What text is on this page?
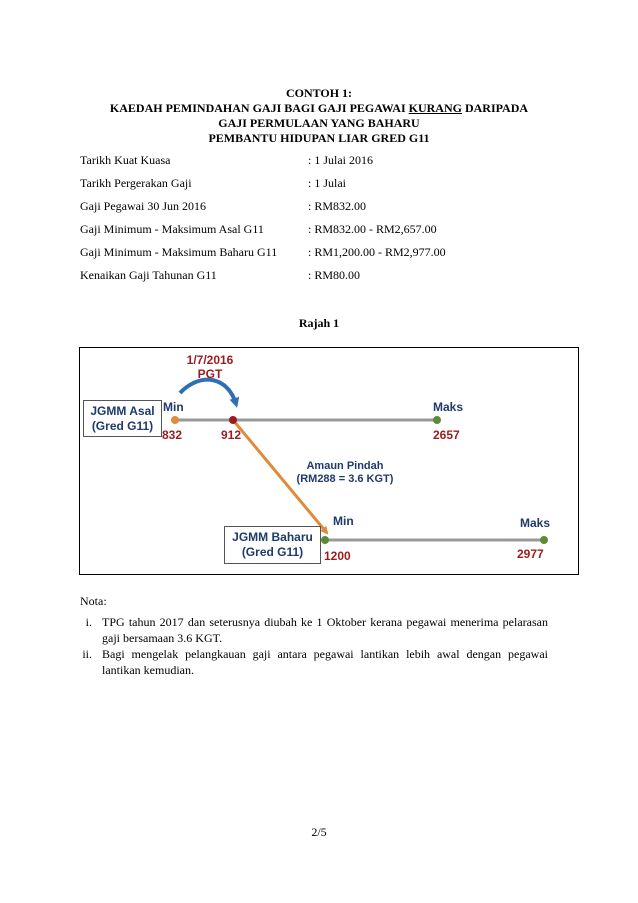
CONTOH 1:
KAEDAH PEMINDAHAN GAJI BAGI GAJI PEGAWAI KURANG DARIPADA
GAJI PERMULAAN YANG BAHARU
PEMBANTU HIDUPAN LIAR GRED G11
Tarikh Kuat Kuasa	: 1 Julai 2016
Tarikh Pergerakan Gaji	: 1 Julai
Gaji Pegawai 30 Jun 2016	: RM832.00
Gaji Minimum - Maksimum Asal G11	: RM832.00 - RM2,657.00
Gaji Minimum - Maksimum Baharu G11	: RM1,200.00 - RM2,977.00
Kenaikan Gaji Tahunan G11	: RM80.00
Rajah 1
1/7/2016
PGT
JGMM Asal
(Gred G11)
Min
832	912
Maks
2657
Amaun Pindah
(RM288 = 3.6 KGT)
Min
JGMM Baharu
(Gred G11)	1200
Maks
2977
Nota:
i. TPG tahun 2017 dan seterusnya diubah ke 1 Oktober kerana pegawai menerima pelarasan gaji bersamaan 3.6 KGT.
ii. Bagi mengelak pelangkauan gaji antara pegawai lantikan lebih awal dengan pegawai lantikan kemudian.
2/5
